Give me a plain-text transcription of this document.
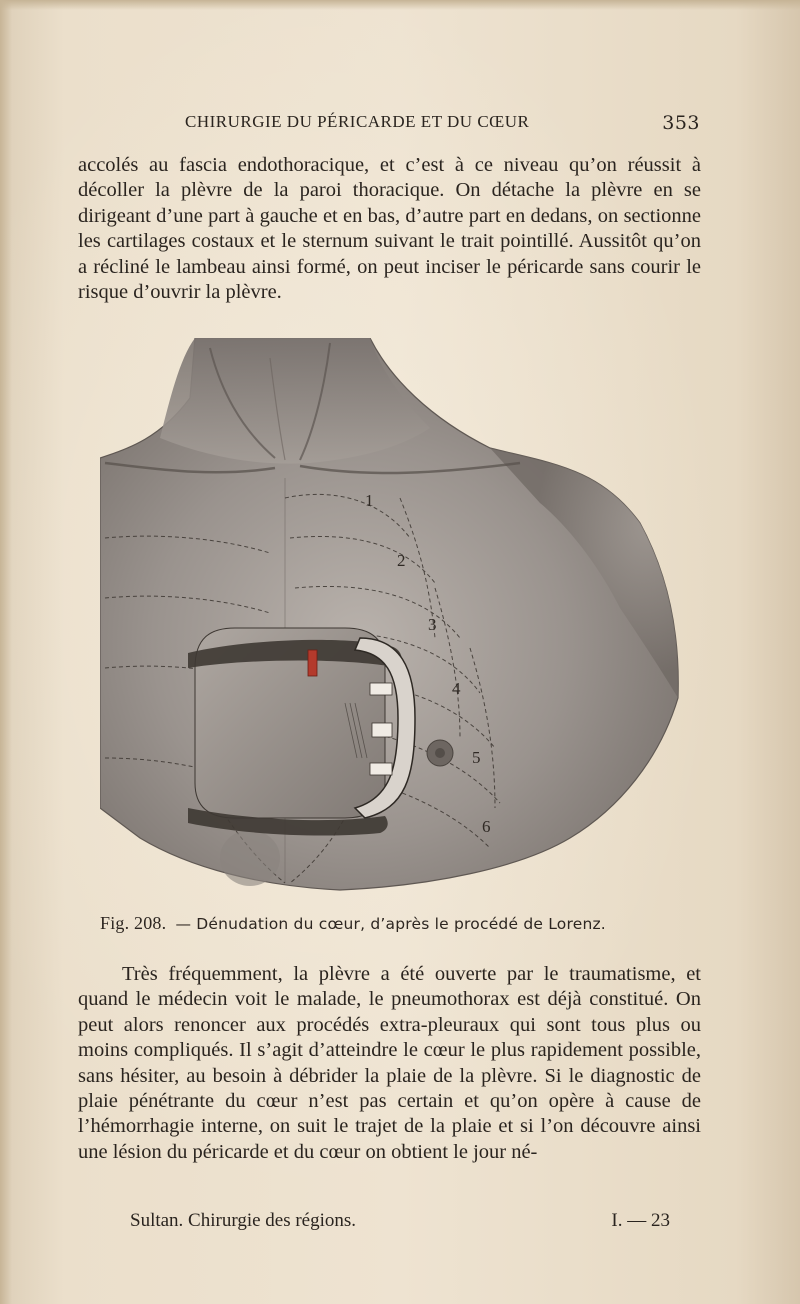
CHIRURGIE DU PÉRICARDE ET DU CŒUR	353

accolés au fascia endothoracique, et c’est à ce niveau qu’on réussit à décoller la plèvre de la paroi thoracique. On détache la plèvre en se dirigeant d’une part à gauche et en bas, d’autre part en dedans, on sectionne les cartilages costaux et le sternum suivant le trait pointillé. Aussitôt qu’on a récliné le lambeau ainsi formé, on peut inciser le péricarde sans courir le risque d’ouvrir la plèvre.

1
2
3
4
5
6
Fig. 208. — Dénudation du cœur, d’après le procédé de Lorenz.

Très fréquemment, la plèvre a été ouverte par le traumatisme, et quand le médecin voit le malade, le pneumothorax est déjà constitué. On peut alors renoncer aux procédés extra-pleuraux qui sont tous plus ou moins compliqués. Il s’agit d’atteindre le cœur le plus rapidement possible, sans hésiter, au besoin à débrider la plaie de la plèvre. Si le diagnostic de plaie pénétrante du cœur n’est pas certain et qu’on opère à cause de l’hémorrhagie interne, on suit le trajet de la plaie et si l’on découvre ainsi une lésion du péricarde et du cœur on obtient le jour né-

Sultan. Chirurgie des régions.	I. — 23
